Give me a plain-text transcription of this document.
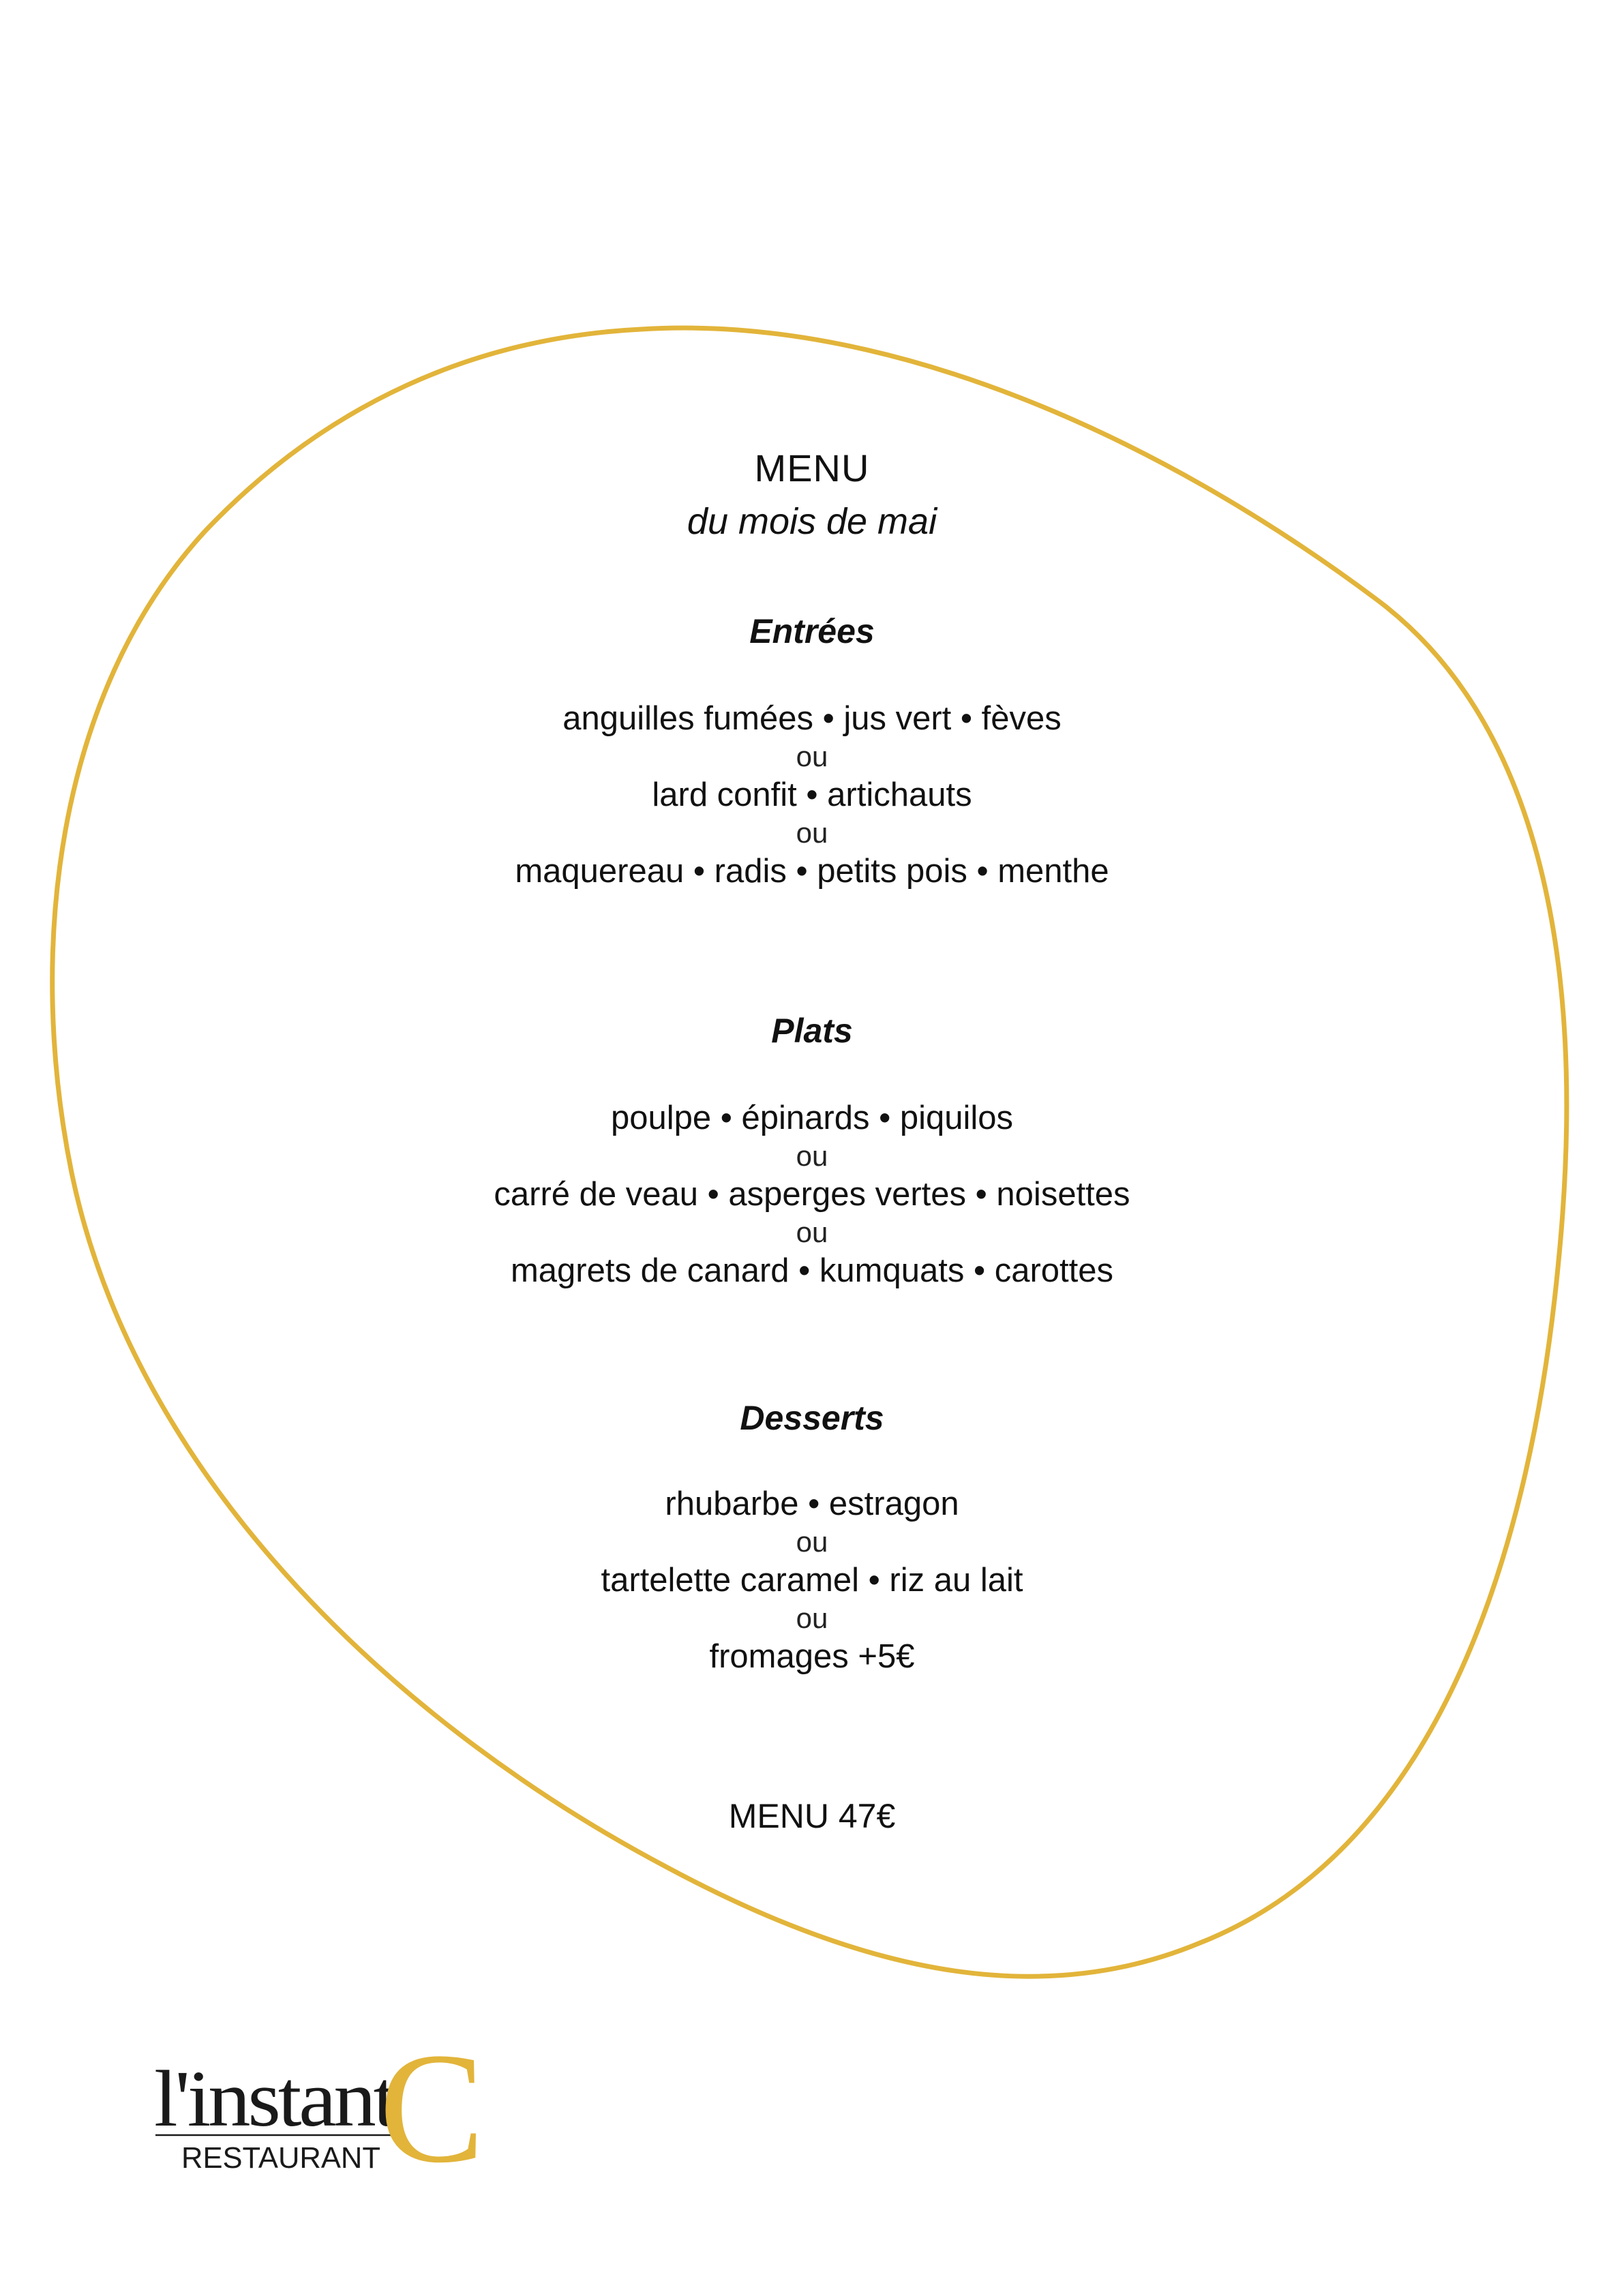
MENU
du mois de mai
Entrées
anguilles fumées • jus vert • fèves
ou
lard confit • artichauts
ou
maquereau • radis • petits pois • menthe
Plats
poulpe • épinards • piquilos
ou
carré de veau • asperges vertes • noisettes
ou
magrets de canard • kumquats • carottes
Desserts
rhubarbe • estragon
ou
tartelette caramel • riz au lait
ou
fromages +5€
MENU 47€
l'instant
RESTAURANT
C
